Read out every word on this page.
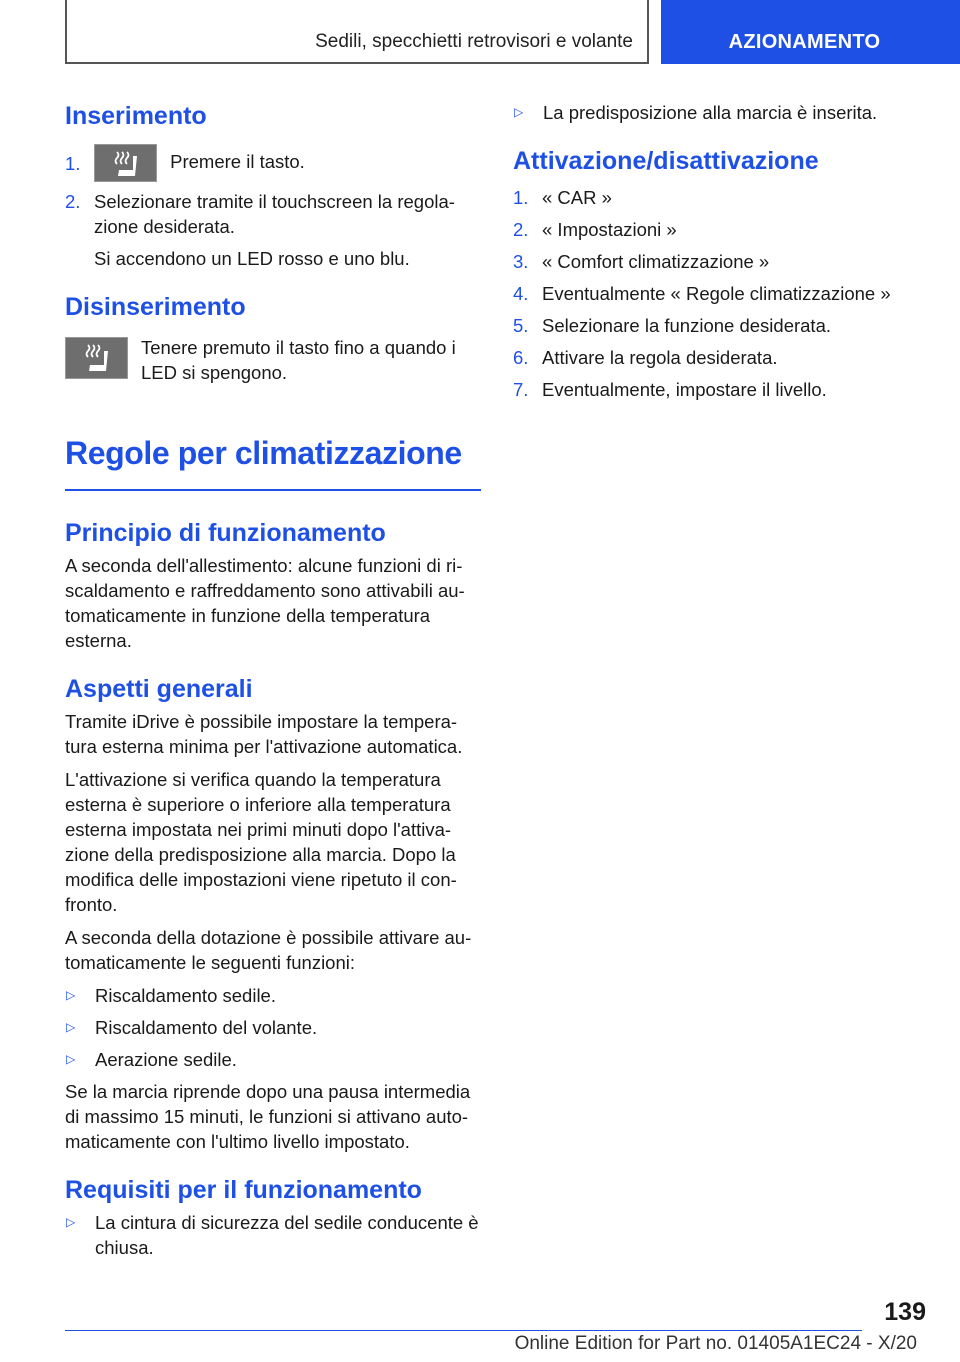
Sedili, specchietti retrovisori e volante	AZIONAMENTO
Inserimento
1.	Premere il tasto.
2. Selezionare tramite il touchscreen la regolazione desiderata.

Si accendono un LED rosso e uno blu.

Disinserimento

Tenere premuto il tasto fino a quando i LED si spengono.

Regole per climatizzazione
Principio di funzionamento

A seconda dell'allestimento: alcune funzioni di riscaldamento e raffreddamento sono attivabili automaticamente in funzione della temperatura esterna.

Aspetti generali

Tramite iDrive è possibile impostare la temperatura esterna minima per l'attivazione automatica.

L'attivazione si verifica quando la temperatura esterna è superiore o inferiore alla temperatura esterna impostata nei primi minuti dopo l'attivazione della predisposizione alla marcia. Dopo la modifica delle impostazioni viene ripetuto il confronto.

A seconda della dotazione è possibile attivare automaticamente le seguenti funzioni:

▷	Riscaldamento sedile.
▷	Riscaldamento del volante.
▷	Aerazione sedile.

Se la marcia riprende dopo una pausa intermedia di massimo 15 minuti, le funzioni si attivano automaticamente con l'ultimo livello impostato.

Requisiti per il funzionamento
▷	La cintura di sicurezza del sedile conducente è chiusa.
▷	La predisposizione alla marcia è inserita.
Attivazione/disattivazione
1. « CAR »
2. « Impostazioni »
3. « Comfort climatizzazione »
4. Eventualmente « Regole climatizzazione »
5. Selezionare la funzione desiderata.
6. Attivare la regola desiderata.
7. Eventualmente, impostare il livello.
139
Online Edition for Part no. 01405A1EC24 - X/20
